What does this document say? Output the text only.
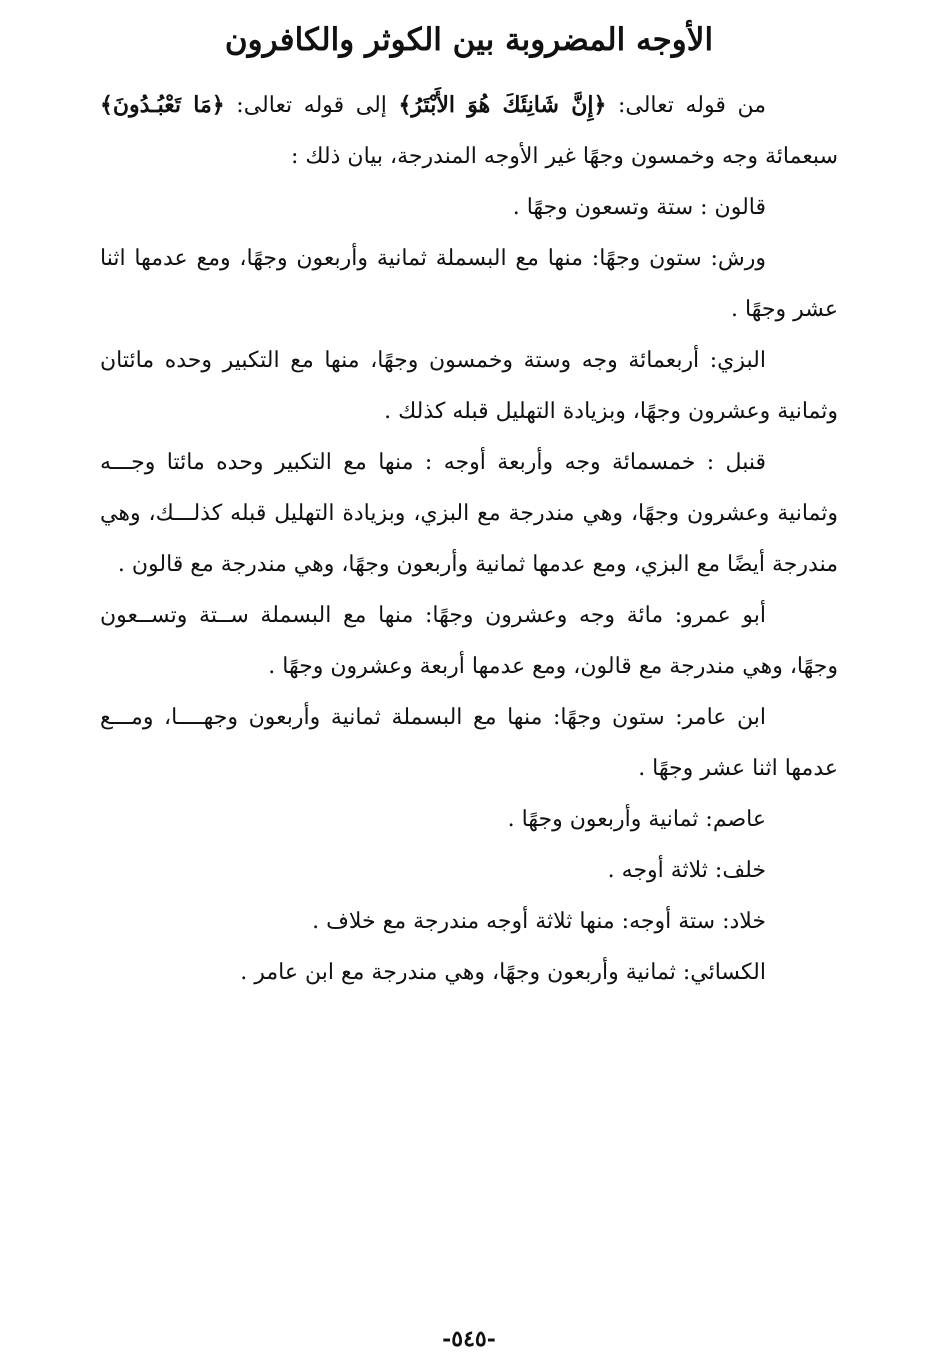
الأوجه المضروبة بين الكوثر والكافرون

من قوله تعالى: ﴿إِنَّ شَانِئَكَ هُوَ الأَبْتَرُ﴾ إلى قوله تعالى: ﴿مَا تَعْبُـدُونَ﴾ سبعمائة وجه وخمسون وجهًا غير الأوجه المندرجة، بيان ذلك :

قالون : ستة وتسعون وجهًا .

ورش: ستون وجهًا: منها مع البسملة ثمانية وأربعون وجهًا، ومع عدمها اثنا عشر وجهًا .

البزي: أربعمائة وجه وستة وخمسون وجهًا، منها مع التكبير وحده مائتان وثمانية وعشرون وجهًا، وبزيادة التهليل قبله كذلك .

قنبل : خمسمائة وجه وأربعة أوجه : منها مع التكبير وحده مائتا وجـــه وثمانية وعشرون وجهًا، وهي مندرجة مع البزي، وبزيادة التهليل قبله كذلـــك، وهي مندرجة أيضًا مع البزي، ومع عدمها ثمانية وأربعون وجهًا، وهي مندرجة مع قالون .

أبو عمرو: مائة وجه وعشرون وجهًا: منها مع البسملة ســتة وتســعون وجهًا، وهي مندرجة مع قالون، ومع عدمها أربعة وعشرون وجهًا .

ابن عامر: ستون وجهًا: منها مع البسملة ثمانية وأربعون وجهــــا، ومـــع عدمها اثنا عشر وجهًا .

عاصم: ثمانية وأربعون وجهًا .

خلف: ثلاثة أوجه .

خلاد: ستة أوجه: منها ثلاثة أوجه مندرجة مع خلاف .

الكسائي: ثمانية وأربعون وجهًا، وهي مندرجة مع ابن عامر .

-٥٤٥-
